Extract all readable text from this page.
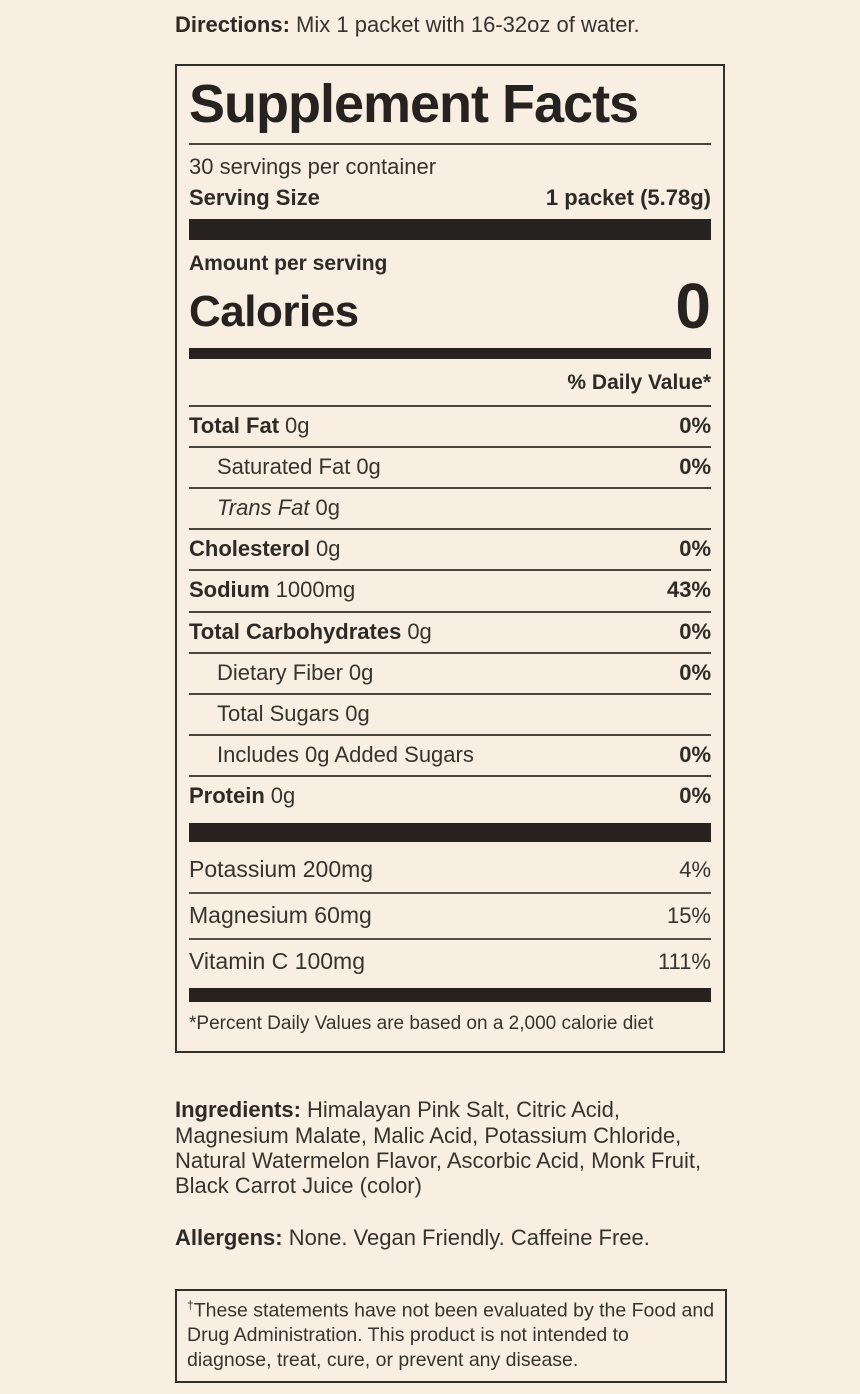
Directions: Mix 1 packet with 16-32oz of water.
Supplement Facts
30 servings per container
Serving Size	1 packet (5.78g)
Amount per serving
Calories	0
% Daily Value*
Total Fat 0g	0%
Saturated Fat 0g	0%
Trans Fat 0g
Cholesterol 0g	0%
Sodium 1000mg	43%
Total Carbohydrates 0g	0%
Dietary Fiber 0g	0%
Total Sugars 0g
Includes 0g Added Sugars	0%
Protein 0g	0%
Potassium 200mg	4%
Magnesium 60mg	15%
Vitamin C 100mg	111%
*Percent Daily Values are based on a 2,000 calorie diet
Ingredients: Himalayan Pink Salt, Citric Acid, Magnesium Malate, Malic Acid, Potassium Chloride, Natural Watermelon Flavor, Ascorbic Acid, Monk Fruit, Black Carrot Juice (color)
Allergens: None. Vegan Friendly. Caffeine Free.
†These statements have not been evaluated by the Food and Drug Administration. This product is not intended to diagnose, treat, cure, or prevent any disease.
